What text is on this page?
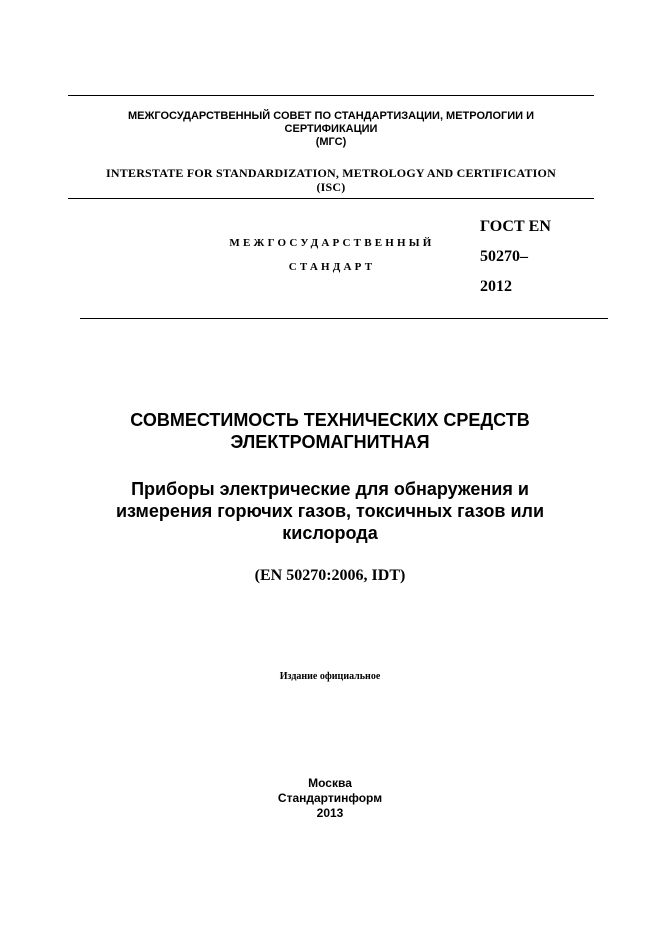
МЕЖГОСУДАРСТВЕННЫЙ СОВЕТ ПО СТАНДАРТИЗАЦИИ, МЕТРОЛОГИИ И
СЕРТИФИКАЦИИ
(МГС)
INTERSTATE FOR STANDARDIZATION, METROLOGY AND CERTIFICATION
(ISC)
МЕЖГОСУДАРСТВЕННЫЙ
СТАНДАРТ
ГОСТ EN
50270–
2012
СОВМЕСТИМОСТЬ ТЕХНИЧЕСКИХ СРЕДСТВ
ЭЛЕКТРОМАГНИТНАЯ
Приборы электрические для обнаружения и
измерения горючих газов, токсичных газов или
кислорода
(EN 50270:2006, IDT)
Издание официальное
Москва
Стандартинформ
2013
